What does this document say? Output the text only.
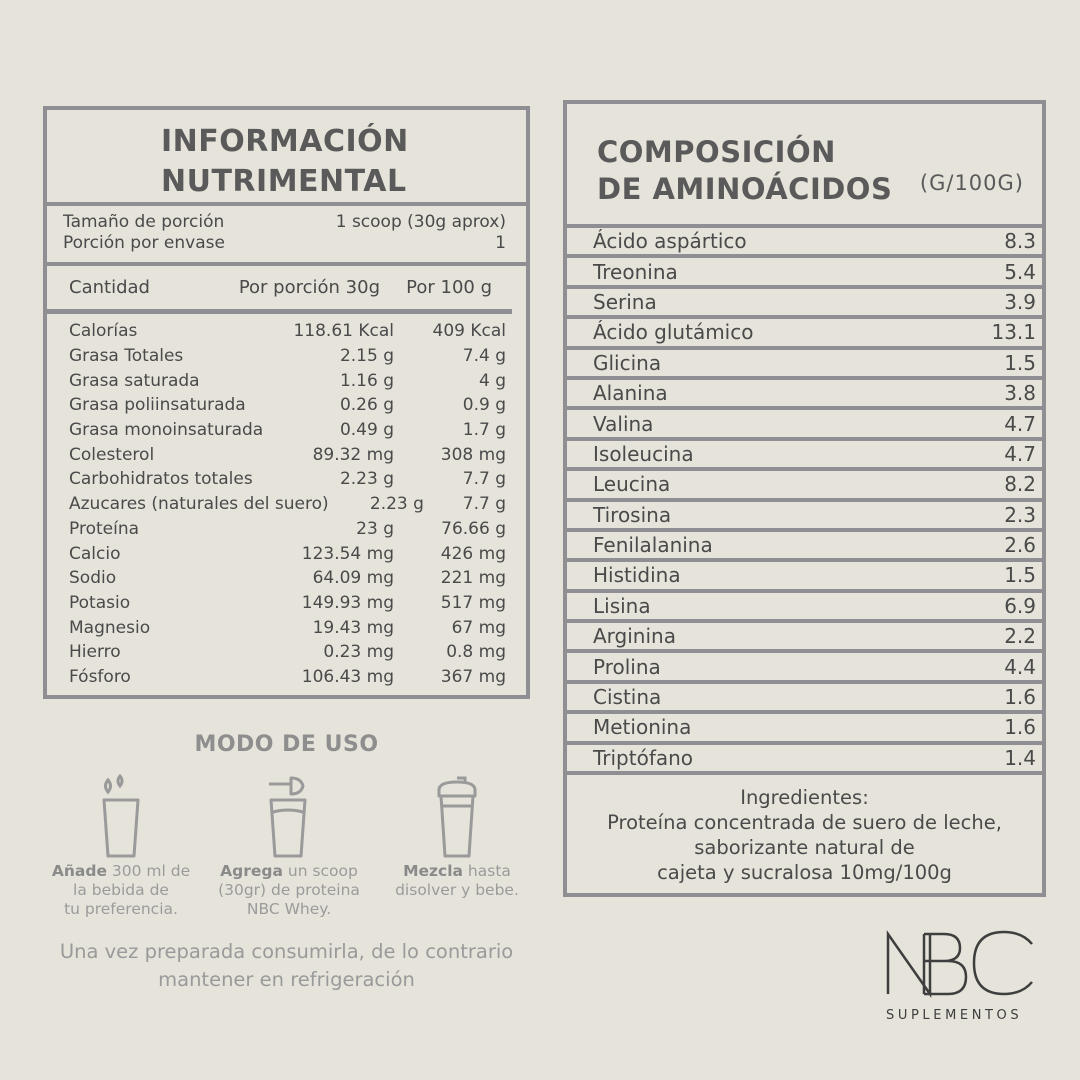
INFORMACIÓN
NUTRIMENTAL
Tamaño de porción	1 scoop (30g aprox)
Porción por envase	1
Cantidad	Por porción 30g	Por 100 g
Calorías	118.61 Kcal	409 Kcal
Grasa Totales	2.15 g	7.4 g
Grasa saturada	1.16 g	4 g
Grasa poliinsaturada	0.26 g	0.9 g
Grasa monoinsaturada	0.49 g	1.7 g
Colesterol	89.32 mg	308 mg
Carbohidratos totales	2.23 g	7.7 g
Azucares (naturales del suero)	2.23 g	7.7 g
Proteína	23 g	76.66 g
Calcio	123.54 mg	426 mg
Sodio	64.09 mg	221 mg
Potasio	149.93 mg	517 mg
Magnesio	19.43 mg	67 mg
Hierro	0.23 mg	0.8 mg
Fósforo	106.43 mg	367 mg
COMPOSICIÓN
DE AMINOÁCIDOS	(G/100G)
Ácido aspártico	8.3
Treonina	5.4
Serina	3.9
Ácido glutámico	13.1
Glicina	1.5
Alanina	3.8
Valina	4.7
Isoleucina	4.7
Leucina	8.2
Tirosina	2.3
Fenilalanina	2.6
Histidina	1.5
Lisina	6.9
Arginina	2.2
Prolina	4.4
Cistina	1.6
Metionina	1.6
Triptófano	1.4
Ingredientes:
Proteína concentrada de suero de leche,
saborizante natural de
cajeta y sucralosa 10mg/100g
MODO DE USO
Añade 300 ml de
la bebida de
tu preferencia.
Agrega un scoop
(30gr) de proteina
NBC Whey.
Mezcla hasta
disolver y bebe.
Una vez preparada consumirla, de lo contrario
mantener en refrigeración
SUPLEMENTOS
